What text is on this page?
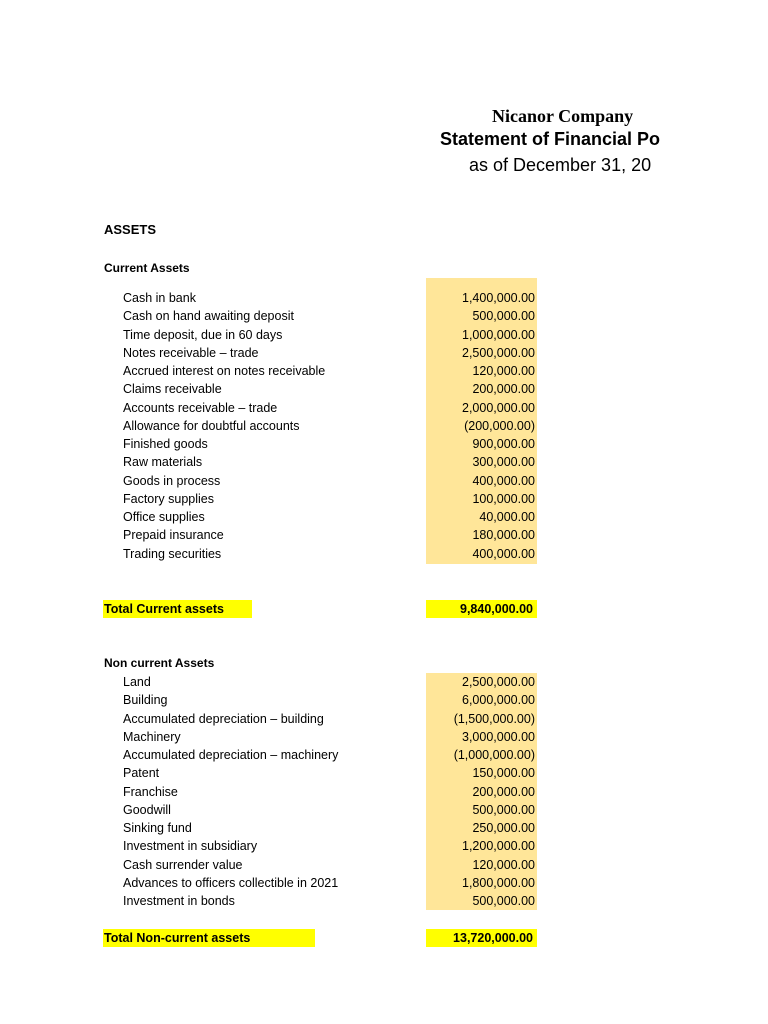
Nicanor Company
Statement of Financial Po
as of December 31, 20
ASSETS
Current Assets
Cash in bank	1,400,000.00
Cash on hand awaiting deposit	500,000.00
Time deposit, due in 60 days	1,000,000.00
Notes receivable – trade	2,500,000.00
Accrued interest on notes receivable	120,000.00
Claims receivable	200,000.00
Accounts receivable – trade	2,000,000.00
Allowance for doubtful accounts	(200,000.00)
Finished goods	900,000.00
Raw materials	300,000.00
Goods in process	400,000.00
Factory supplies	100,000.00
Office supplies	40,000.00
Prepaid insurance	180,000.00
Trading securities	400,000.00
Total Current assets	9,840,000.00
Non current Assets
Land	2,500,000.00
Building	6,000,000.00
Accumulated depreciation – building	(1,500,000.00)
Machinery	3,000,000.00
Accumulated depreciation – machinery	(1,000,000.00)
Patent	150,000.00
Franchise	200,000.00
Goodwill	500,000.00
Sinking fund	250,000.00
Investment in subsidiary	1,200,000.00
Cash surrender value	120,000.00
Advances to officers collectible in 2021	1,800,000.00
Investment in bonds	500,000.00
Total Non-current assets	13,720,000.00
